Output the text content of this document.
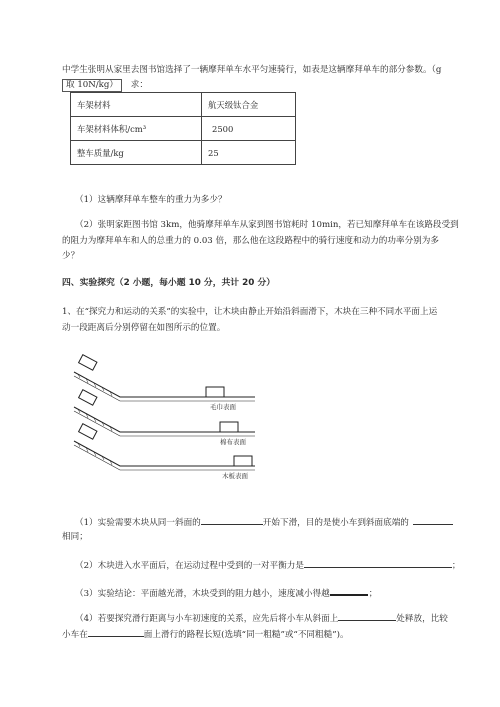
中学生张明从家里去图书馆选择了一辆摩拜单车水平匀速骑行，如表是这辆摩拜单车的部分参数。（g
取 10N/kg） 求：
车架材料	航天级钛合金
车架材料体积/cm³	2500
整车质量/kg	25
（1）这辆摩拜单车整车的重力为多少？
（2）张明家距图书馆 3km，他骑摩拜单车从家到图书馆耗时 10min，若已知摩拜单车在该路段受到
的阻力为摩拜单车和人的总重力的 0.03 倍，那么他在这段路程中的骑行速度和动力的功率分别为多
少？
四、实验探究（2 小题，每小题 10 分，共计 20 分）
1、在“探究力和运动的关系”的实验中，让木块由静止开始沿斜面滑下，木块在三种不同水平面上运
动一段距离后分别停留在如图所示的位置。
毛巾表面
棉布表面
木板表面
（1）实验需要木块从同一斜面的	开始下滑，目的是使小车到斜面底端的
相同；
（2）木块进入水平面后，在运动过程中受到的一对平衡力是	；
（3）实验结论：平面越光滑，木块受到的阻力越小，速度减小得越	；
（4）若要探究滑行距离与小车初速度的关系，应先后将小车从斜面上	处释放，比较
小车在	面上滑行的路程长短(选填“同一粗糙”或“不同粗糙”)。
